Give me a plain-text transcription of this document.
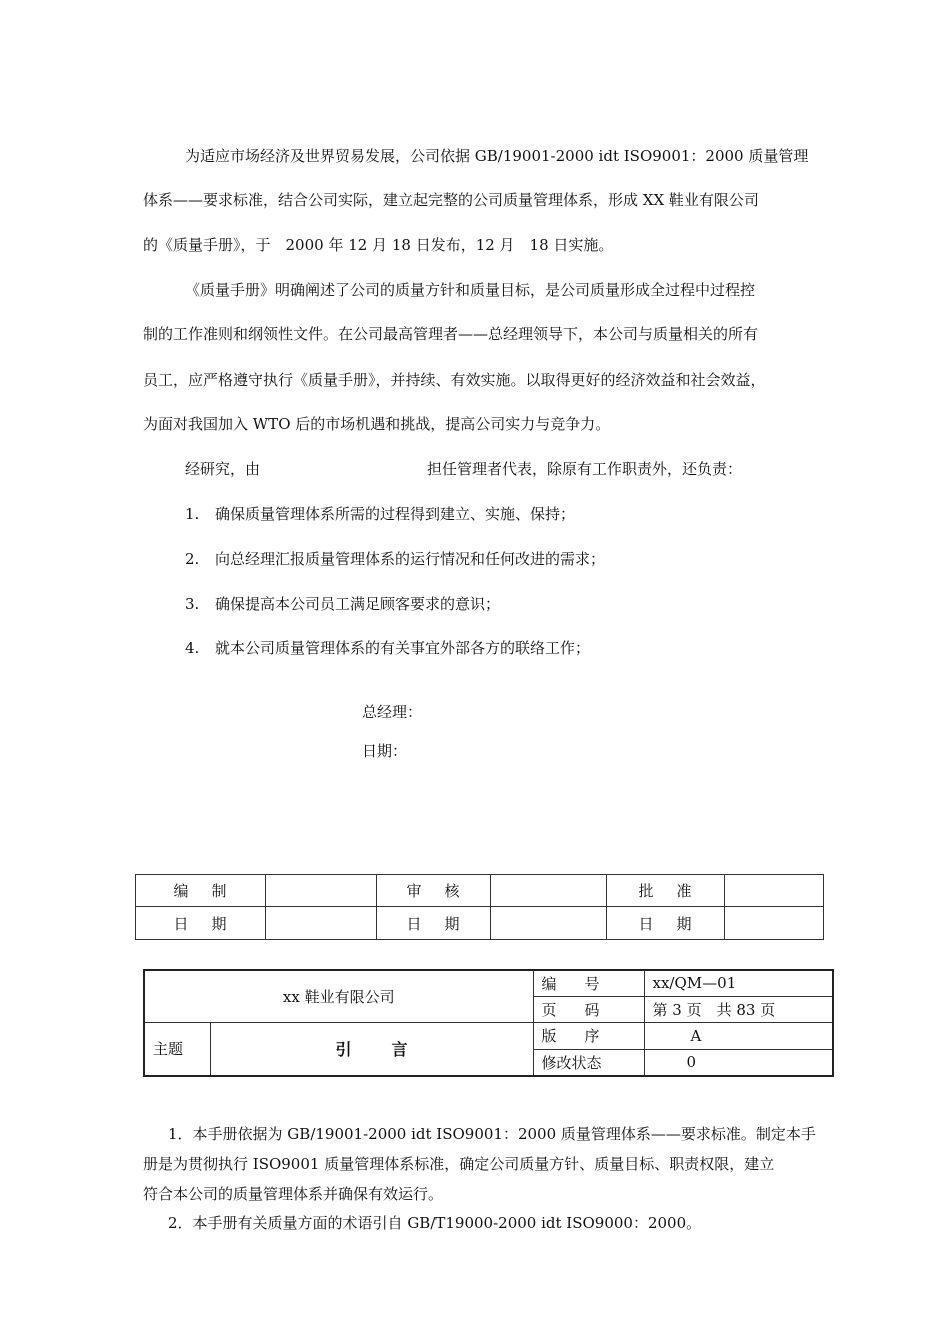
为适应市场经济及世界贸易发展，公司依据 GB/19001-2000 idt ISO9001：2000 质量管理
体系——要求标准，结合公司实际，建立起完整的公司质量管理体系，形成 XX 鞋业有限公司
的《质量手册》，于　2000 年 12 月 18 日发布，12 月　18 日实施。
《质量手册》明确阐述了公司的质量方针和质量目标，是公司质量形成全过程中过程控
制的工作准则和纲领性文件。在公司最高管理者——总经理领导下，本公司与质量相关的所有
员工，应严格遵守执行《质量手册》，并持续、有效实施。以取得更好的经济效益和社会效益，
为面对我国加入 WTO 后的市场机遇和挑战，提高公司实力与竞争力。
经研究，由	担任管理者代表，除原有工作职责外，还负责：
1. 确保质量管理体系所需的过程得到建立、实施、保持；
2. 向总经理汇报质量管理体系的运行情况和任何改进的需求；
3. 确保提高本公司员工满足顾客要求的意识；
4. 就本公司质量管理体系的有关事宜外部各方的联络工作；
总经理：
日期：
编 制		审 核		批 准	
日 期		日 期		日 期	
xx 鞋业有限公司		编 号	xx/QM—01
		页 码	第 3 页　共 83 页
主题	引 言	版 序	A
		修改状态	0
1．本手册依据为 GB/19001-2000 idt ISO9001：2000 质量管理体系——要求标准。制定本手
册是为贯彻执行 ISO9001 质量管理体系标准，确定公司质量方针、质量目标、职责权限，建立
符合本公司的质量管理体系并确保有效运行。
2．本手册有关质量方面的术语引自 GB/T19000-2000 idt ISO9000：2000。
